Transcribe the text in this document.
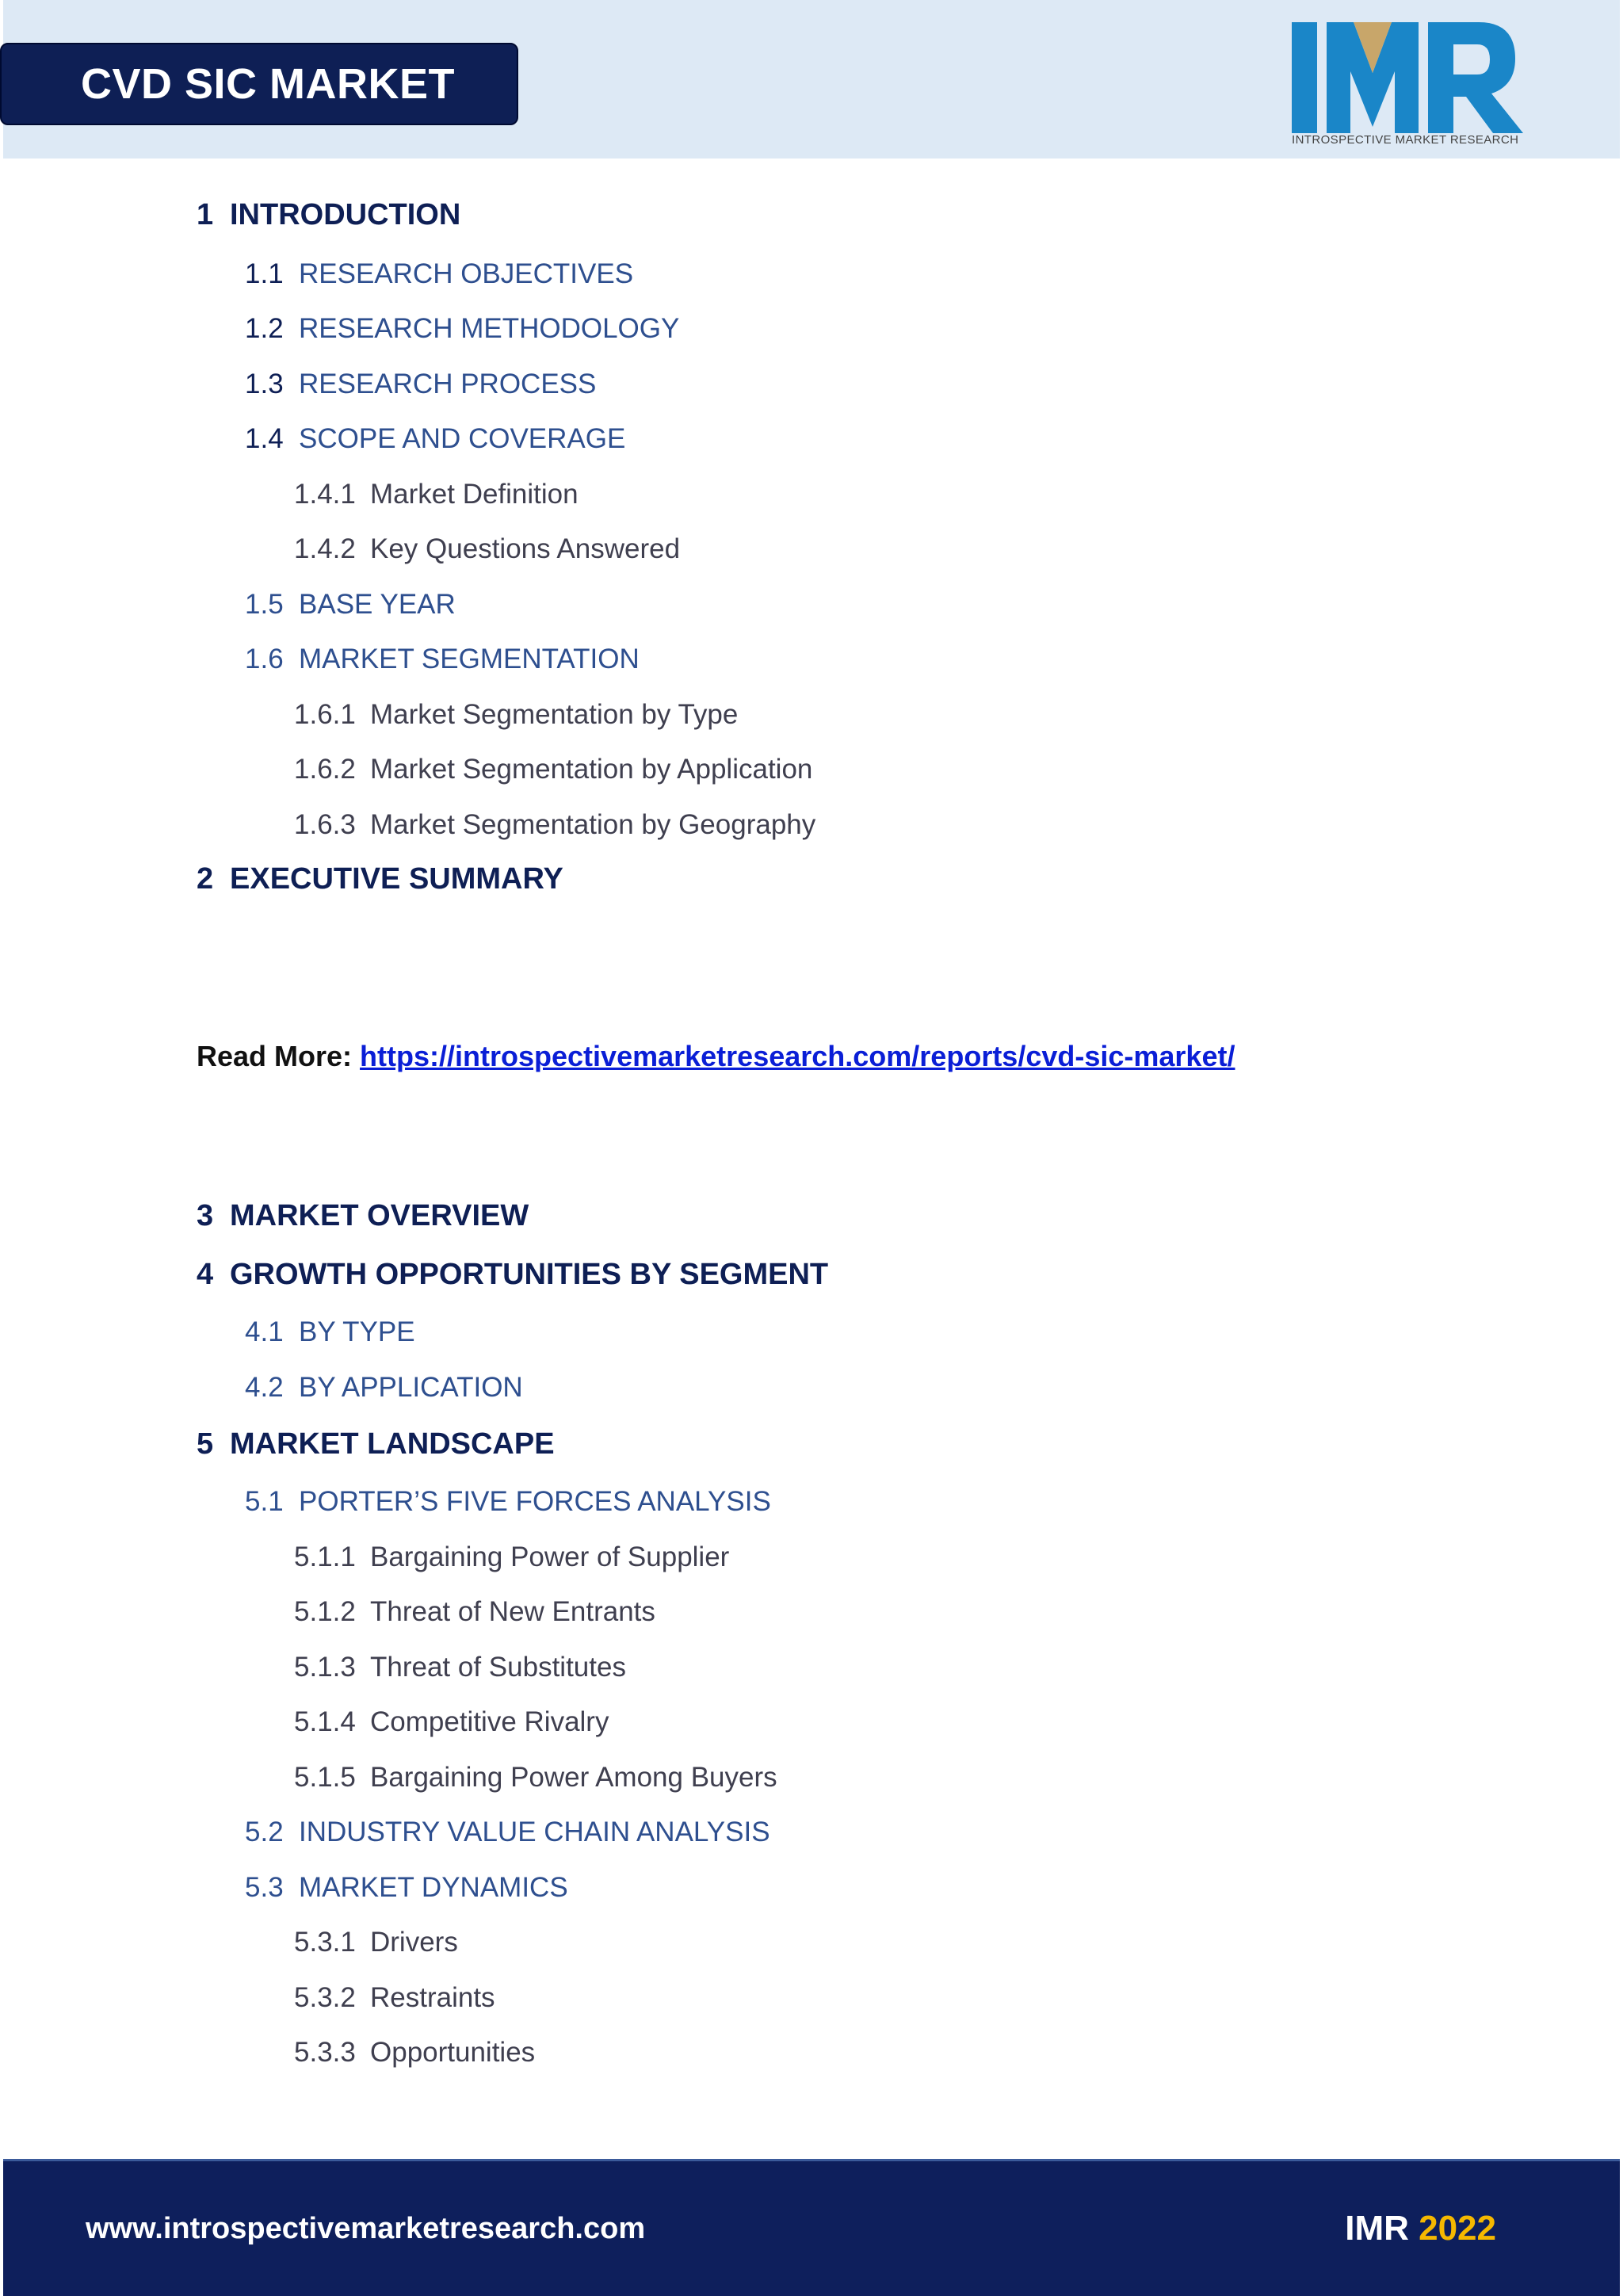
CVD SIC MARKET
INTROSPECTIVE MARKET RESEARCH
1 INTRODUCTION
1.1 RESEARCH OBJECTIVES
1.2 RESEARCH METHODOLOGY
1.3 RESEARCH PROCESS
1.4 SCOPE AND COVERAGE
1.4.1 Market Definition
1.4.2 Key Questions Answered
1.5 BASE YEAR
1.6 MARKET SEGMENTATION
1.6.1 Market Segmentation by Type
1.6.2 Market Segmentation by Application
1.6.3 Market Segmentation by Geography
2 EXECUTIVE SUMMARY
3 MARKET OVERVIEW
4 GROWTH OPPORTUNITIES BY SEGMENT
4.1 BY TYPE
4.2 BY APPLICATION
5 MARKET LANDSCAPE
5.1 PORTER’S FIVE FORCES ANALYSIS
5.1.1 Bargaining Power of Supplier
5.1.2 Threat of New Entrants
5.1.3 Threat of Substitutes
5.1.4 Competitive Rivalry
5.1.5 Bargaining Power Among Buyers
5.2 INDUSTRY VALUE CHAIN ANALYSIS
5.3 MARKET DYNAMICS
5.3.1 Drivers
5.3.2 Restraints
5.3.3 Opportunities
Read More: https://introspectivemarketresearch.com/reports/cvd-sic-market/
www.introspectivemarketresearch.com	IMR 2022
